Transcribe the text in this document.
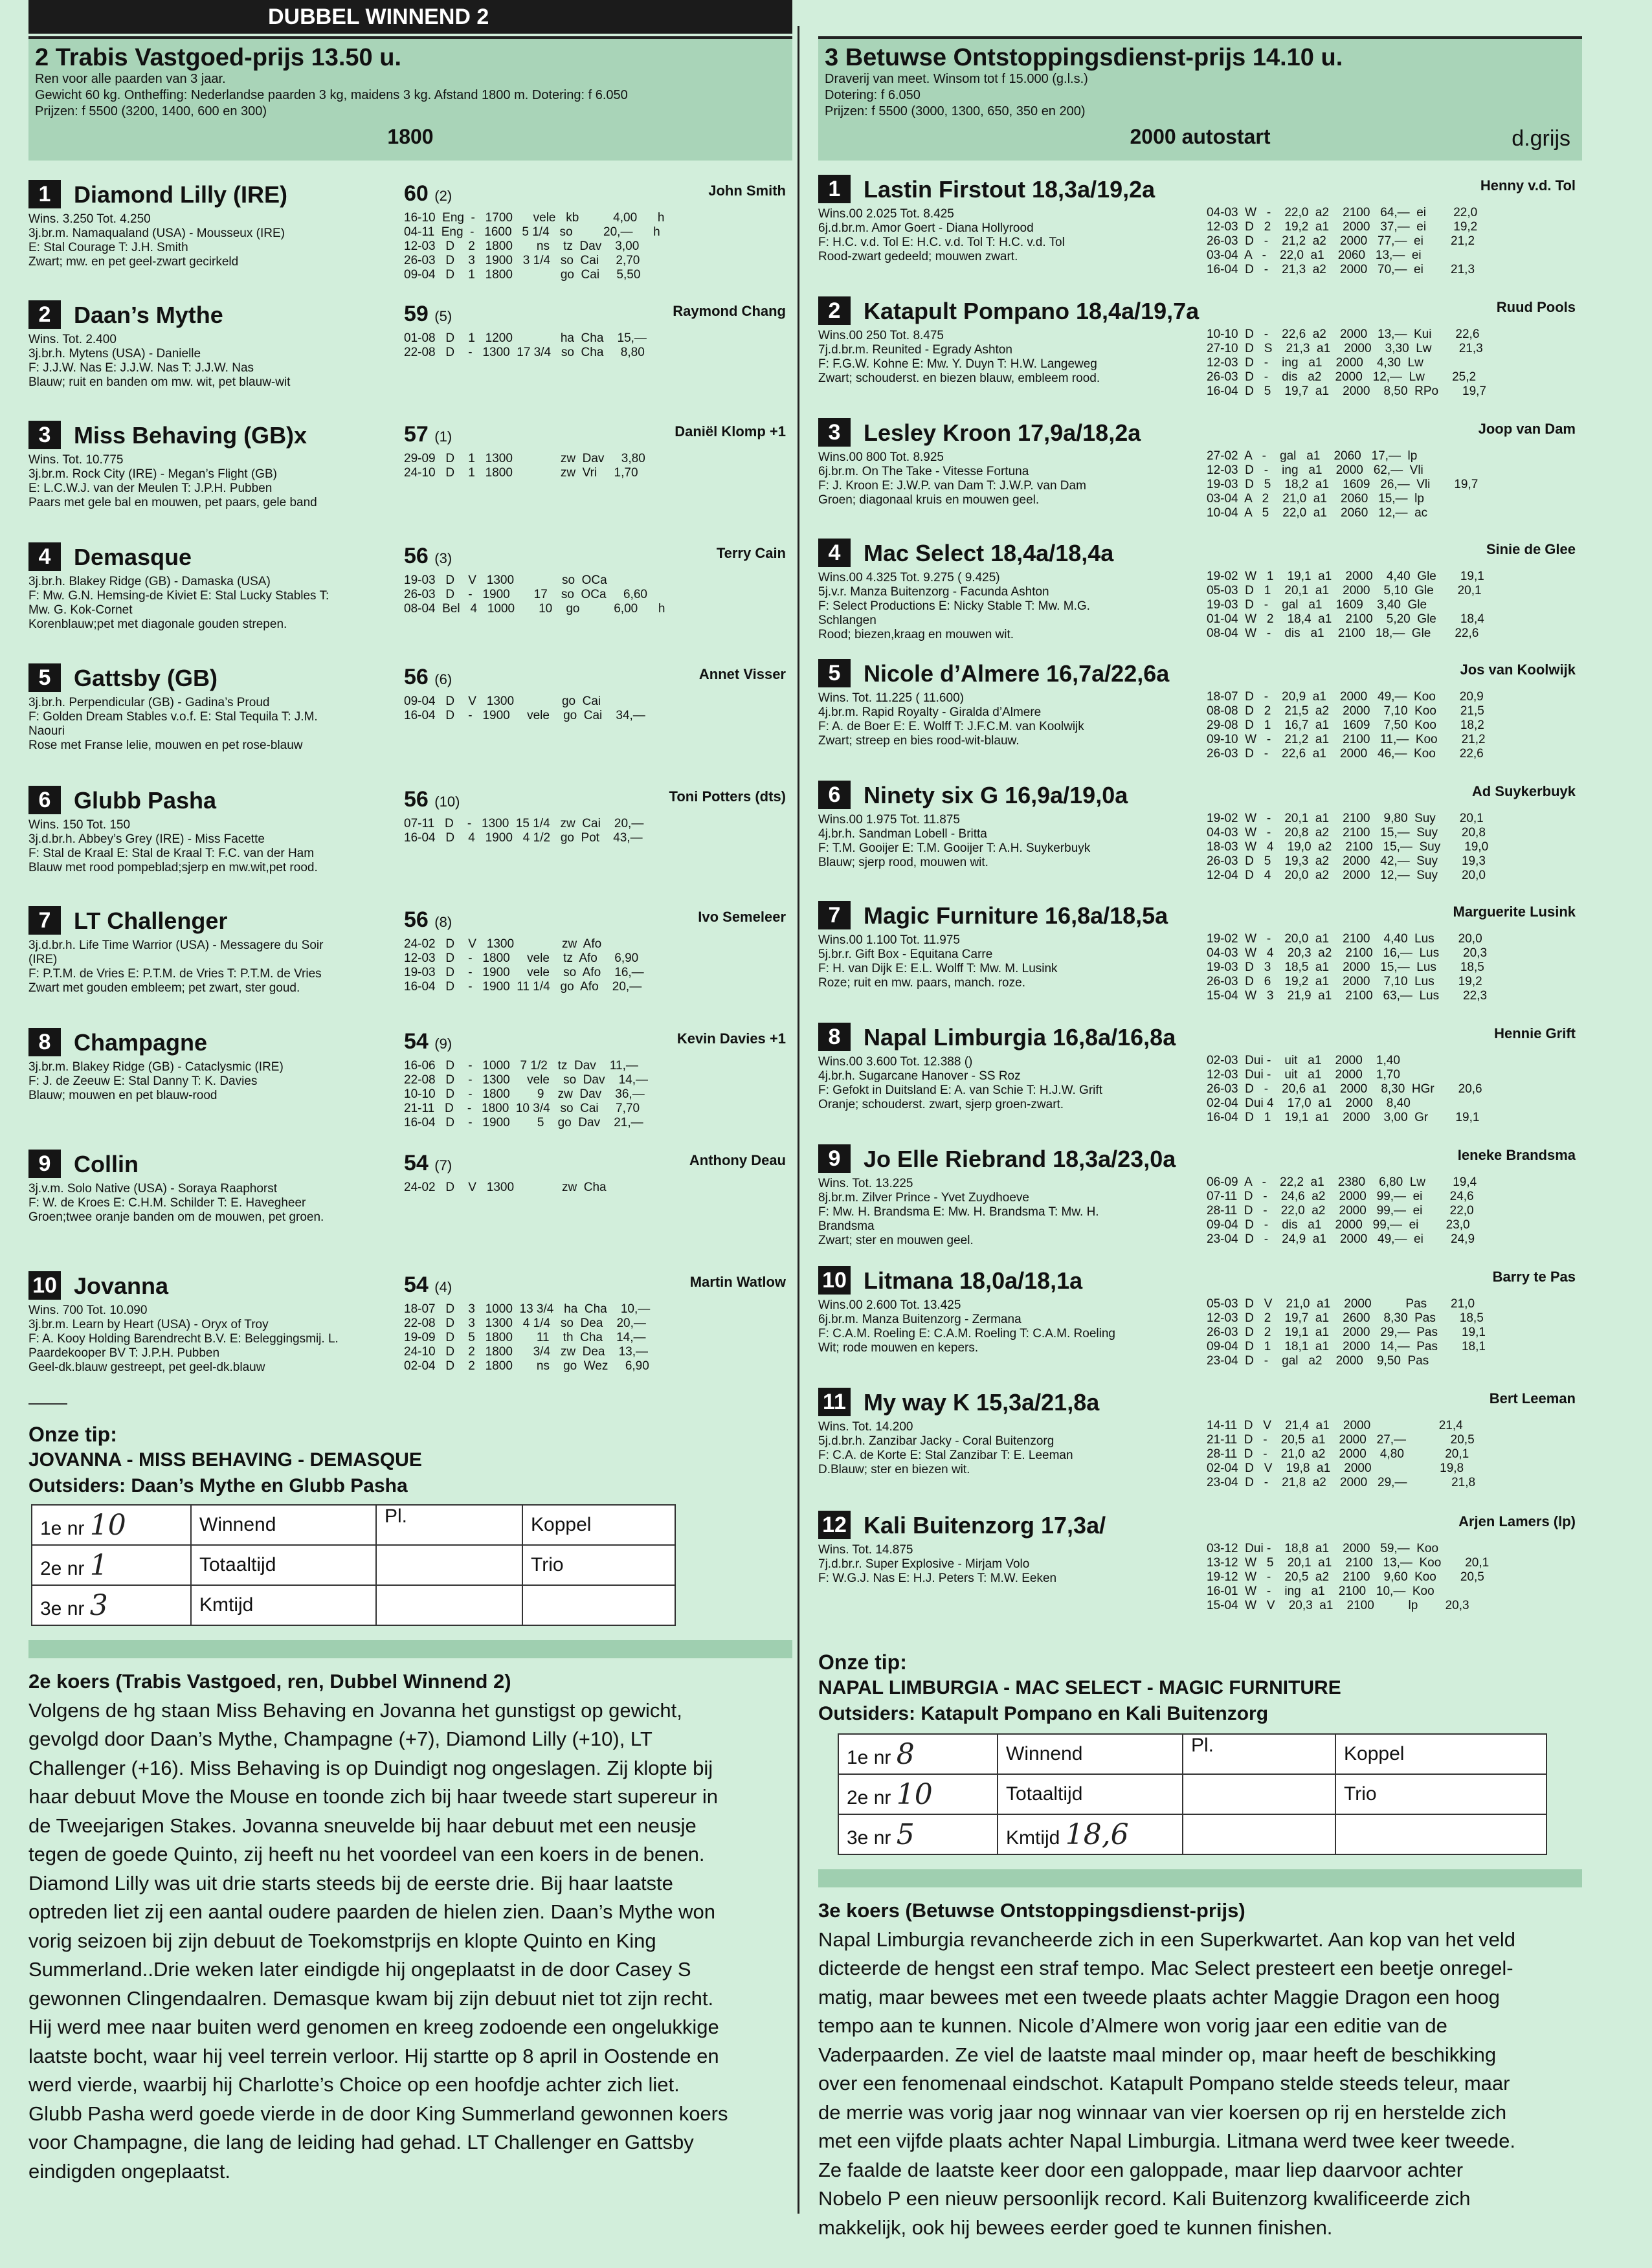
DUBBEL WINNEND 2
2 Trabis Vastgoed-prijs 13.50 u.
Ren voor alle paarden van 3 jaar.
Gewicht 60 kg. Ontheffing: Nederlandse paarden 3 kg, maidens 3 kg. Afstand 1800 m. Dotering: f 6.050
Prijzen: f 5500 (3200, 1400, 600 en 300)
1800
1 Diamond Lilly (IRE)	60 (2)	John Smith
Wins. 3.250 Tot. 4.250
3j.br.m. Namaqualand (USA) - Mousseux (IRE)
E: Stal Courage T: J.H. Smith
Zwart; mw. en pet geel-zwart gecirkeld
16-10  Eng  -   1700      vele   kb          4,00      h
04-11  Eng  -   1600   5 1/4   so         20,—      h
12-03   D    2   1800       ns    tz  Dav    3,00
26-03   D    3   1900   3 1/4   so  Cai     2,70
09-04   D    1   1800              go  Cai     5,50
2 Daan’s Mythe	59 (5)	Raymond Chang
Wins. Tot. 2.400
3j.br.h. Mytens (USA) - Danielle
F: J.J.W. Nas E: J.J.W. Nas T: J.J.W. Nas
Blauw; ruit en banden om mw. wit, pet blauw-wit
01-08   D    1   1200              ha  Cha    15,—
22-08   D    -   1300  17 3/4   so  Cha     8,80
3 Miss Behaving (GB)x	57 (1)	Daniël Klomp +1
Wins. Tot. 10.775
3j.br.m. Rock City (IRE) - Megan’s Flight (GB)
E: L.C.W.J. van der Meulen T: J.P.H. Pubben
Paars met gele bal en mouwen, pet paars, gele band
29-09   D    1   1300              zw  Dav     3,80
24-10   D    1   1800              zw  Vri     1,70
4 Demasque	56 (3)	Terry Cain
3j.br.h. Blakey Ridge (GB) - Damaska (USA)
F: Mw. G.N. Hemsing-de Kiviet E: Stal Lucky Stables T:
Mw. G. Kok-Cornet
Korenblauw;pet met diagonale gouden strepen.
19-03   D    V   1300              so  OCa
26-03   D    -   1900       17    so  OCa     6,60
08-04  Bel   4   1000       10    go          6,00      h
5 Gattsby (GB)	56 (6)	Annet Visser
3j.br.h. Perpendicular (GB) - Gadina’s Proud
F: Golden Dream Stables v.o.f. E: Stal Tequila T: J.M.
Naouri
Rose met Franse lelie, mouwen en pet rose-blauw
09-04   D    V   1300              go  Cai
16-04   D    -   1900     vele    go  Cai    34,—
6 Glubb Pasha	56 (10)	Toni Potters (dts)
Wins. 150 Tot. 150
3j.d.br.h. Abbey’s Grey (IRE) - Miss Facette
F: Stal de Kraal E: Stal de Kraal T: F.C. van der Ham
Blauw met rood pompeblad;sjerp en mw.wit,pet rood.
07-11   D    -   1300  15 1/4   zw  Cai    20,—
16-04   D    4   1900   4 1/2   go  Pot    43,—
7 LT Challenger	56 (8)	Ivo Semeleer
3j.d.br.h. Life Time Warrior (USA) - Messagere du Soir
(IRE)
F: P.T.M. de Vries E: P.T.M. de Vries T: P.T.M. de Vries
Zwart met gouden embleem; pet zwart, ster goud.
24-02   D    V   1300              zw  Afo
12-03   D    -   1800     vele    tz  Afo     6,90
19-03   D    -   1900     vele    so  Afo    16,—
16-04   D    -   1900  11 1/4   go  Afo    20,—
8 Champagne	54 (9)	Kevin Davies +1
3j.br.m. Blakey Ridge (GB) - Cataclysmic (IRE)
F: J. de Zeeuw E: Stal Danny T: K. Davies
Blauw; mouwen en pet blauw-rood
16-06   D    -   1000   7 1/2   tz  Dav    11,—
22-08   D    -   1300     vele    so  Dav    14,—
10-10   D    -   1800        9    zw  Dav    36,—
21-11   D    -   1800  10 3/4   so  Cai     7,70
16-04   D    -   1900        5    go  Dav    21,—
9 Collin	54 (7)	Anthony Deau
3j.v.m. Solo Native (USA) - Soraya Raaphorst
F: W. de Kroes E: C.H.M. Schilder T: E. Havegheer
Groen;twee oranje banden om de mouwen, pet groen.
24-02   D    V   1300              zw  Cha
10 Jovanna	54 (4)	Martin Watlow
Wins. 700 Tot. 10.090
3j.br.m. Learn by Heart (USA) - Oryx of Troy
F: A. Kooy Holding Barendrecht B.V. E: Beleggingsmij. L.
Paardekooper BV T: J.P.H. Pubben
Geel-dk.blauw gestreept, pet geel-dk.blauw
18-07   D    3   1000  13 3/4   ha  Cha    10,—
22-08   D    3   1300   4 1/4   so  Dea    20,—
19-09   D    5   1800       11    th  Cha    14,—
24-10   D    2   1800      3/4   zw  Dea    13,—
02-04   D    2   1800       ns    go  Wez     6,90
Onze tip:
JOVANNA - MISS BEHAVING - DEMASQUE
Outsiders: Daan’s Mythe en Glubb Pasha
1e nr 10	Winnend	Pl.	Koppel
2e nr 1	Totaaltijd		Trio
3e nr 3	Kmtijd		
2e koers (Trabis Vastgoed, ren, Dubbel Winnend 2)

Volgens de hg staan Miss Behaving en Jovanna het gunstigst op gewicht,

gevolgd door Daan’s Mythe, Champagne (+7), Diamond Lilly (+10), LT

Challenger (+16). Miss Behaving is op Duindigt nog ongeslagen. Zij klopte bij

haar debuut Move the Mouse en toonde zich bij haar tweede start supereur in

de Tweejarigen Stakes. Jovanna sneuvelde bij haar debuut met een neusje

tegen de goede Quinto, zij heeft nu het voordeel van een koers in de benen.

Diamond Lilly was uit drie starts steeds bij de eerste drie. Bij haar laatste

optreden liet zij een aantal oudere paarden de hielen zien. Daan’s Mythe won

vorig seizoen bij zijn debuut de Toekomstprijs en klopte Quinto en King

Summerland..Drie weken later eindigde hij ongeplaatst in de door Casey S

gewonnen Clingendaalren. Demasque kwam bij zijn debuut niet tot zijn recht.

Hij werd mee naar buiten werd genomen en kreeg zodoende een ongelukkige

laatste bocht, waar hij veel terrein verloor. Hij startte op 8 april in Oostende en

werd vierde, waarbij hij Charlotte’s Choice op een hoofdje achter zich liet.

Glubb Pasha werd goede vierde in de door King Summerland gewonnen koers

voor Champagne, die lang de leiding had gehad. LT Challenger en Gattsby

eindigden ongeplaatst.

3 Betuwse Ontstoppingsdienst-prijs 14.10 u.
Draverij van meet. Winsom tot f 15.000 (g.l.s.)
Dotering: f 6.050
Prijzen: f 5500 (3000, 1300, 650, 350 en 200)
2000 autostart	d.grijs
1 Lastin Firstout 18,3a/19,2a	Henny v.d. Tol
Wins.00 2.025 Tot. 8.425
6j.d.br.m. Amor Goert - Diana Hollyrood
F: H.C. v.d. Tol E: H.C. v.d. Tol T: H.C. v.d. Tol
Rood-zwart gedeeld; mouwen zwart.
04-03  W   -    22,0  a2    2100   64,—  ei        22,0
12-03  D   2    19,2  a1    2000   37,—  ei        19,2
26-03  D   -    21,2  a2    2000   77,—  ei        21,2
03-04  A   -    22,0  a1    2060   13,—  ei
16-04  D   -    21,3  a2    2000   70,—  ei        21,3
2 Katapult Pompano 18,4a/19,7a	Ruud Pools
Wins.00 250 Tot. 8.475
7j.d.br.m. Reunited - Egrady Ashton
F: F.G.W. Kohne E: Mw. Y. Duyn T: H.W. Langeweg
Zwart; schouderst. en biezen blauw, embleem rood.
10-10  D   -    22,6  a2    2000   13,—  Kui       22,6
27-10  D   S    21,3  a1    2000    3,30  Lw        21,3
12-03  D   -    ing   a1    2000    4,30  Lw
26-03  D   -    dis   a2    2000   12,—  Lw        25,2
16-04  D   5    19,7  a1    2000    8,50  RPo       19,7
3 Lesley Kroon 17,9a/18,2a	Joop van Dam
Wins.00 800 Tot. 8.925
6j.br.m. On The Take - Vitesse Fortuna
F: J. Kroon E: J.W.P. van Dam T: J.W.P. van Dam
Groen; diagonaal kruis en mouwen geel.
27-02  A   -    gal   a1    2060   17,—  lp
12-03  D   -    ing   a1    2000   62,—  Vli
19-03  D   5    18,2  a1    1609   26,—  Vli       19,7
03-04  A   2    21,0  a1    2060   15,—  lp
10-04  A   5    22,0  a1    2060   12,—  ac
4 Mac Select 18,4a/18,4a	Sinie de Glee
Wins.00 4.325 Tot. 9.275 ( 9.425)
5j.v.r. Manza Buitenzorg - Facunda Ashton
F: Select Productions E: Nicky Stable T: Mw. M.G.
Schlangen
Rood; biezen,kraag en mouwen wit.
19-02  W   1    19,1  a1    2000    4,40  Gle       19,1
05-03  D   1    20,1  a1    2000    5,10  Gle       20,1
19-03  D   -    gal   a1    1609    3,40  Gle
01-04  W   2    18,4  a1    2100    5,20  Gle       18,4
08-04  W   -    dis   a1    2100   18,—  Gle       22,6
5 Nicole d’Almere 16,7a/22,6a	Jos van Koolwijk
Wins. Tot. 11.225 ( 11.600)
4j.br.m. Rapid Royalty - Giralda d’Almere
F: A. de Boer E: E. Wolff T: J.F.C.M. van Koolwijk
Zwart; streep en bies rood-wit-blauw.
18-07  D   -    20,9  a1    2000   49,—  Koo       20,9
08-08  D   2    21,5  a2    2000    7,10  Koo       21,5
29-08  D   1    16,7  a1    1609    7,50  Koo       18,2
09-10  W   -    21,2  a1    2100   11,—  Koo       21,2
26-03  D   -    22,6  a1    2000   46,—  Koo       22,6
6 Ninety six G 16,9a/19,0a	Ad Suykerbuyk
Wins.00 1.975 Tot. 11.875
4j.br.h. Sandman Lobell - Britta
F: T.M. Gooijer E: T.M. Gooijer T: A.H. Suykerbuyk
Blauw; sjerp rood, mouwen wit.
19-02  W   -    20,1  a1    2100    9,80  Suy       20,1
04-03  W   -    20,8  a2    2100   15,—  Suy       20,8
18-03  W   4    19,0  a2    2100   15,—  Suy       19,0
26-03  D   5    19,3  a2    2000   42,—  Suy       19,3
12-04  D   4    20,0  a2    2000   12,—  Suy       20,0
7 Magic Furniture 16,8a/18,5a	Marguerite Lusink
Wins.00 1.100 Tot. 11.975
5j.br.r. Gift Box - Equitana Carre
F: H. van Dijk E: E.L. Wolff T: Mw. M. Lusink
Roze; ruit en mw. paars, manch. roze.
19-02  W   -    20,0  a1    2100    4,40  Lus       20,0
04-03  W   4    20,3  a2    2100   16,—  Lus       20,3
19-03  D   3    18,5  a1    2000   15,—  Lus       18,5
26-03  D   6    19,2  a1    2000    7,10  Lus       19,2
15-04  W   3    21,9  a1    2100   63,—  Lus       22,3
8 Napal Limburgia 16,8a/16,8a	Hennie Grift
Wins.00 3.600 Tot. 12.388 ()
4j.br.h. Sugarcane Hanover - SS Roz
F: Gefokt in Duitsland E: A. van Schie T: H.J.W. Grift
Oranje; schouderst. zwart, sjerp groen-zwart.
02-03  Dui -    uit   a1    2000    1,40
12-03  Dui -    uit   a1    2000    1,70
26-03  D   -    20,6  a1    2000    8,30  HGr       20,6
02-04  Dui 4    17,0  a1    2000    8,40
16-04  D   1    19,1  a1    2000    3,00  Gr        19,1
9 Jo Elle Riebrand 18,3a/23,0a	Ieneke Brandsma
Wins. Tot. 13.225
8j.br.m. Zilver Prince - Yvet Zuydhoeve
F: Mw. H. Brandsma E: Mw. H. Brandsma T: Mw. H.
Brandsma
Zwart; ster en mouwen geel.
06-09  A   -    22,2  a1    2380    6,80  Lw        19,4
07-11  D   -    24,6  a2    2000   99,—  ei        24,6
28-11  D   -    22,0  a2    2000   99,—  ei        22,0
09-04  D   -    dis   a1    2000   99,—  ei        23,0
23-04  D   -    24,9  a1    2000   49,—  ei        24,9
10 Litmana 18,0a/18,1a	Barry te Pas
Wins.00 2.600 Tot. 13.425
6j.br.m. Manza Buitenzorg - Zermana
F: C.A.M. Roeling E: C.A.M. Roeling T: C.A.M. Roeling
Wit; rode mouwen en kepers.
05-03  D   V    21,0  a1    2000          Pas       21,0
12-03  D   2    19,7  a1    2600    8,30  Pas       18,5
26-03  D   2    19,1  a1    2000   29,—  Pas       19,1
09-04  D   1    18,1  a1    2000   14,—  Pas       18,1
23-04  D   -    gal   a2    2000    9,50  Pas
11 My way K 15,3a/21,8a	Bert Leeman
Wins. Tot. 14.200
5j.d.br.h. Zanzibar Jacky - Coral Buitenzorg
F: C.A. de Korte E: Stal Zanzibar T: E. Leeman
D.Blauw; ster en biezen wit.
14-11  D   V    21,4  a1    2000                    21,4
21-11  D   -    20,5  a1    2000   27,—             20,5
28-11  D   -    21,0  a2    2000    4,80            20,1
02-04  D   V    19,8  a1    2000                    19,8
23-04  D   -    21,8  a2    2000   29,—             21,8
12 Kali Buitenzorg 17,3a/	Arjen Lamers (lp)
Wins. Tot. 14.875
7j.d.br.r. Super Explosive - Mirjam Volo
F: W.G.J. Nas E: H.J. Peters T: M.W. Eeken
03-12  Dui -    18,8  a1    2000   59,—  Koo
13-12  W   5    20,1  a1    2100   13,—  Koo       20,1
19-12  W   -    20,5  a2    2100    9,60  Koo       20,5
16-01  W   -    ing   a1    2100   10,—  Koo
15-04  W   V    20,3  a1    2100          lp        20,3
Onze tip:
NAPAL LIMBURGIA - MAC SELECT - MAGIC FURNITURE
Outsiders: Katapult Pompano en Kali Buitenzorg
1e nr 8	Winnend	Pl.	Koppel
2e nr 10	Totaaltijd		Trio
3e nr 5	Kmtijd 18,6		
3e koers (Betuwse Ontstoppingsdienst-prijs)

Napal Limburgia revancheerde zich in een Superkwartet. Aan kop van het veld

dicteerde de hengst een straf tempo. Mac Select presteert een beetje onregel-

matig, maar bewees met een tweede plaats achter Maggie Dragon een hoog

tempo aan te kunnen. Nicole d’Almere won vorig jaar een editie van de

Vaderpaarden. Ze viel de laatste maal minder op, maar heeft de beschikking

over een fenomenaal eindschot. Katapult Pompano stelde steeds teleur, maar

de merrie was vorig jaar nog winnaar van vier koersen op rij en herstelde zich

met een vijfde plaats achter Napal Limburgia. Litmana werd twee keer tweede.

Ze faalde de laatste keer door een galoppade, maar liep daarvoor achter

Nobelo P een nieuw persoonlijk record. Kali Buitenzorg kwalificeerde zich

makkelijk, ook hij bewees eerder goed te kunnen finishen.
